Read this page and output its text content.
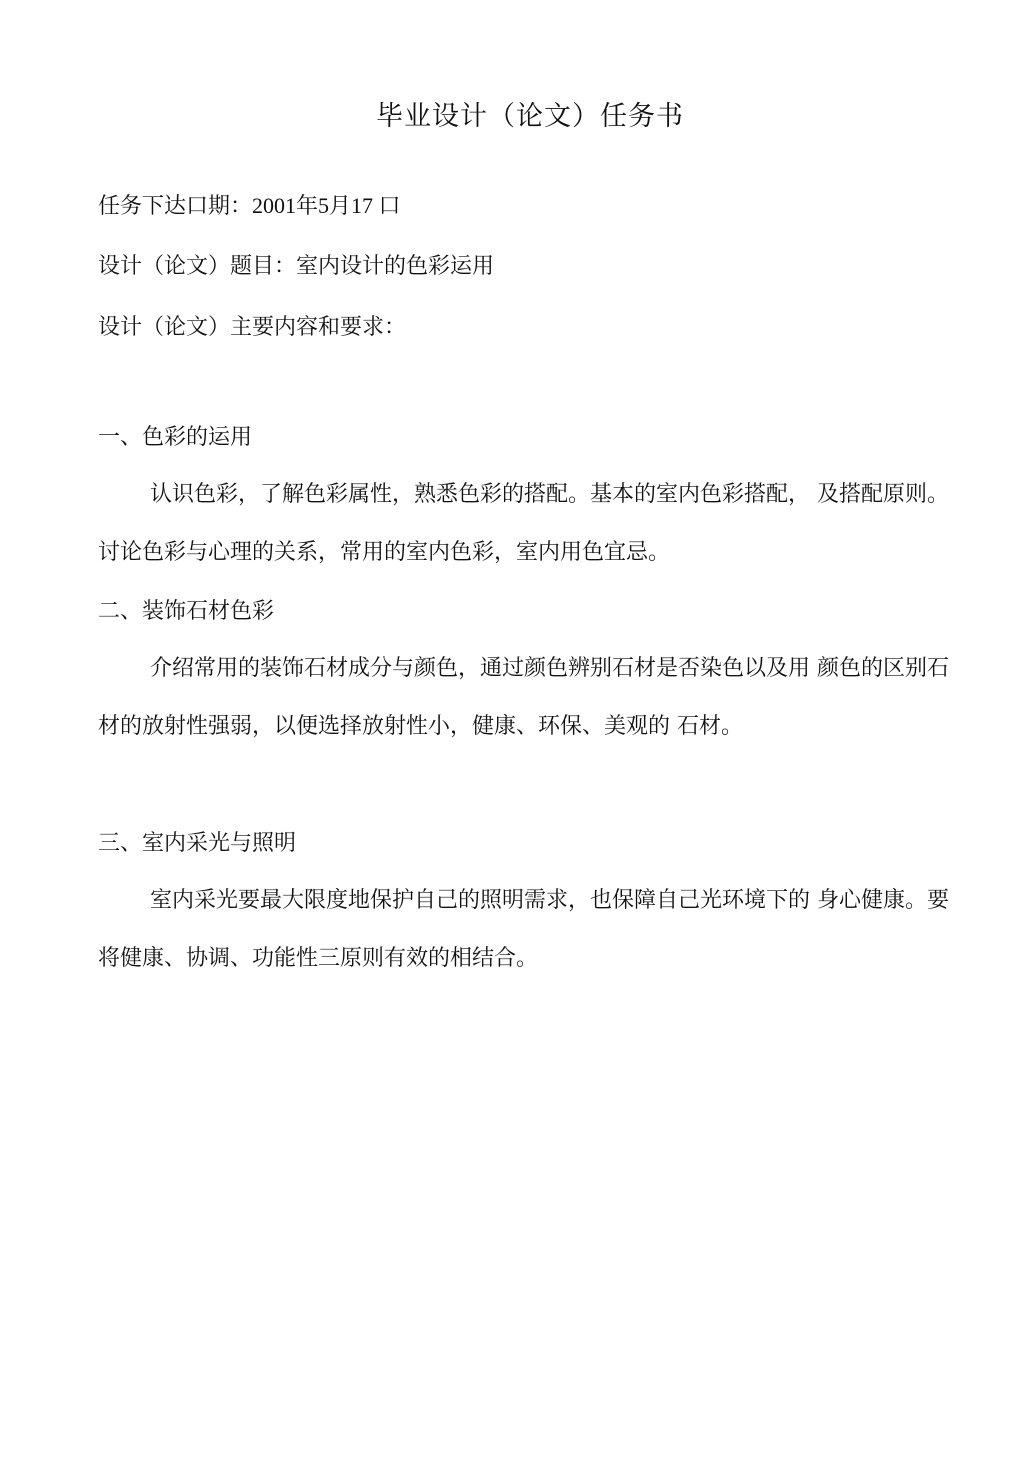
毕业设计（论文）任务书
任务下达口期：2001年5月17 口
设计（论文）题目：室内设计的色彩运用
设计（论文）主要内容和要求：
一、色彩的运用
认识色彩，了解色彩属性，熟悉色彩的搭配。基本的室内色彩搭配， 及搭配原则。讨论色彩与心理的关系，常用的室内色彩，室内用色宜忌。
二、装饰石材色彩
介绍常用的装饰石材成分与颜色，通过颜色辨别石材是否染色以及用 颜色的区别石材的放射性强弱，以便选择放射性小，健康、环保、美观的 石材。
三、室内采光与照明
室内采光要最大限度地保护自己的照明需求，也保障自己光环境下的 身心健康。要将健康、协调、功能性三原则有效的相结合。
